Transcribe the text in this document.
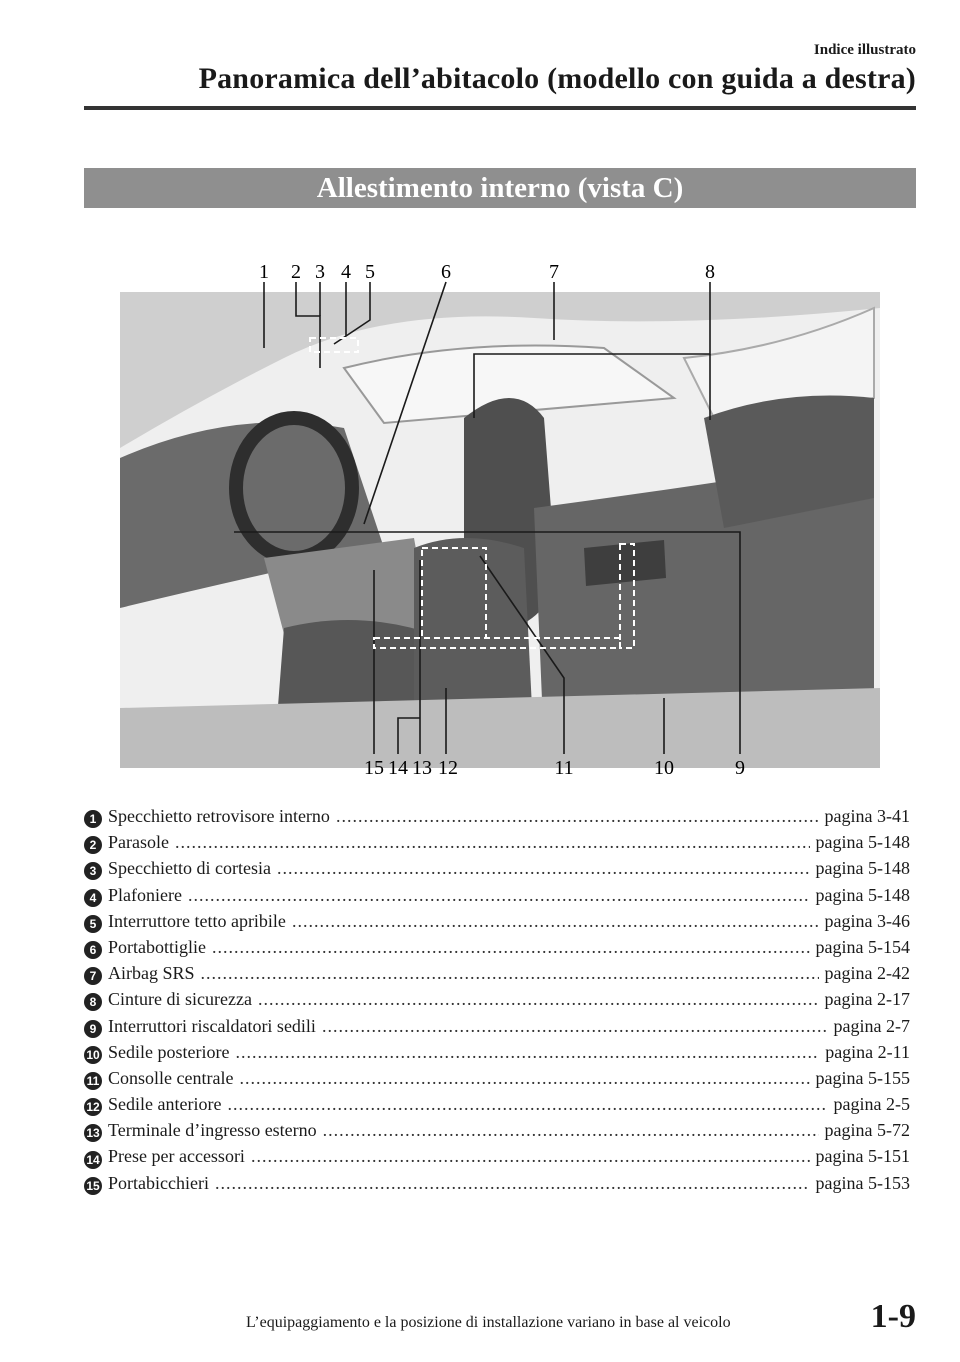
Indice illustrato
Panoramica dell’abitacolo (modello con guida a destra)
Allestimento interno (vista C)
1 2 3 4 5	6	7	8
15 14 13 12	11	10	9
1 Specchietto retrovisore interno .....	pagina 3-41
2 Parasole .....	pagina 5-148
3 Specchietto di cortesia .....	pagina 5-148
4 Plafoniere .....	pagina 5-148
5 Interruttore tetto apribile .....	pagina 3-46
6 Portabottiglie .....	pagina 5-154
7 Airbag SRS .....	pagina 2-42
8 Cinture di sicurezza .....	pagina 2-17
9 Interruttori riscaldatori sedili .....	pagina 2-7
10 Sedile posteriore .....	pagina 2-11
11 Consolle centrale .....	pagina 5-155
12 Sedile anteriore .....	pagina 2-5
13 Terminale d’ingresso esterno .....	pagina 5-72
14 Prese per accessori .....	pagina 5-151
15 Portabicchieri .....	pagina 5-153
L’equipaggiamento e la posizione di installazione variano in base al veicolo	1-9
